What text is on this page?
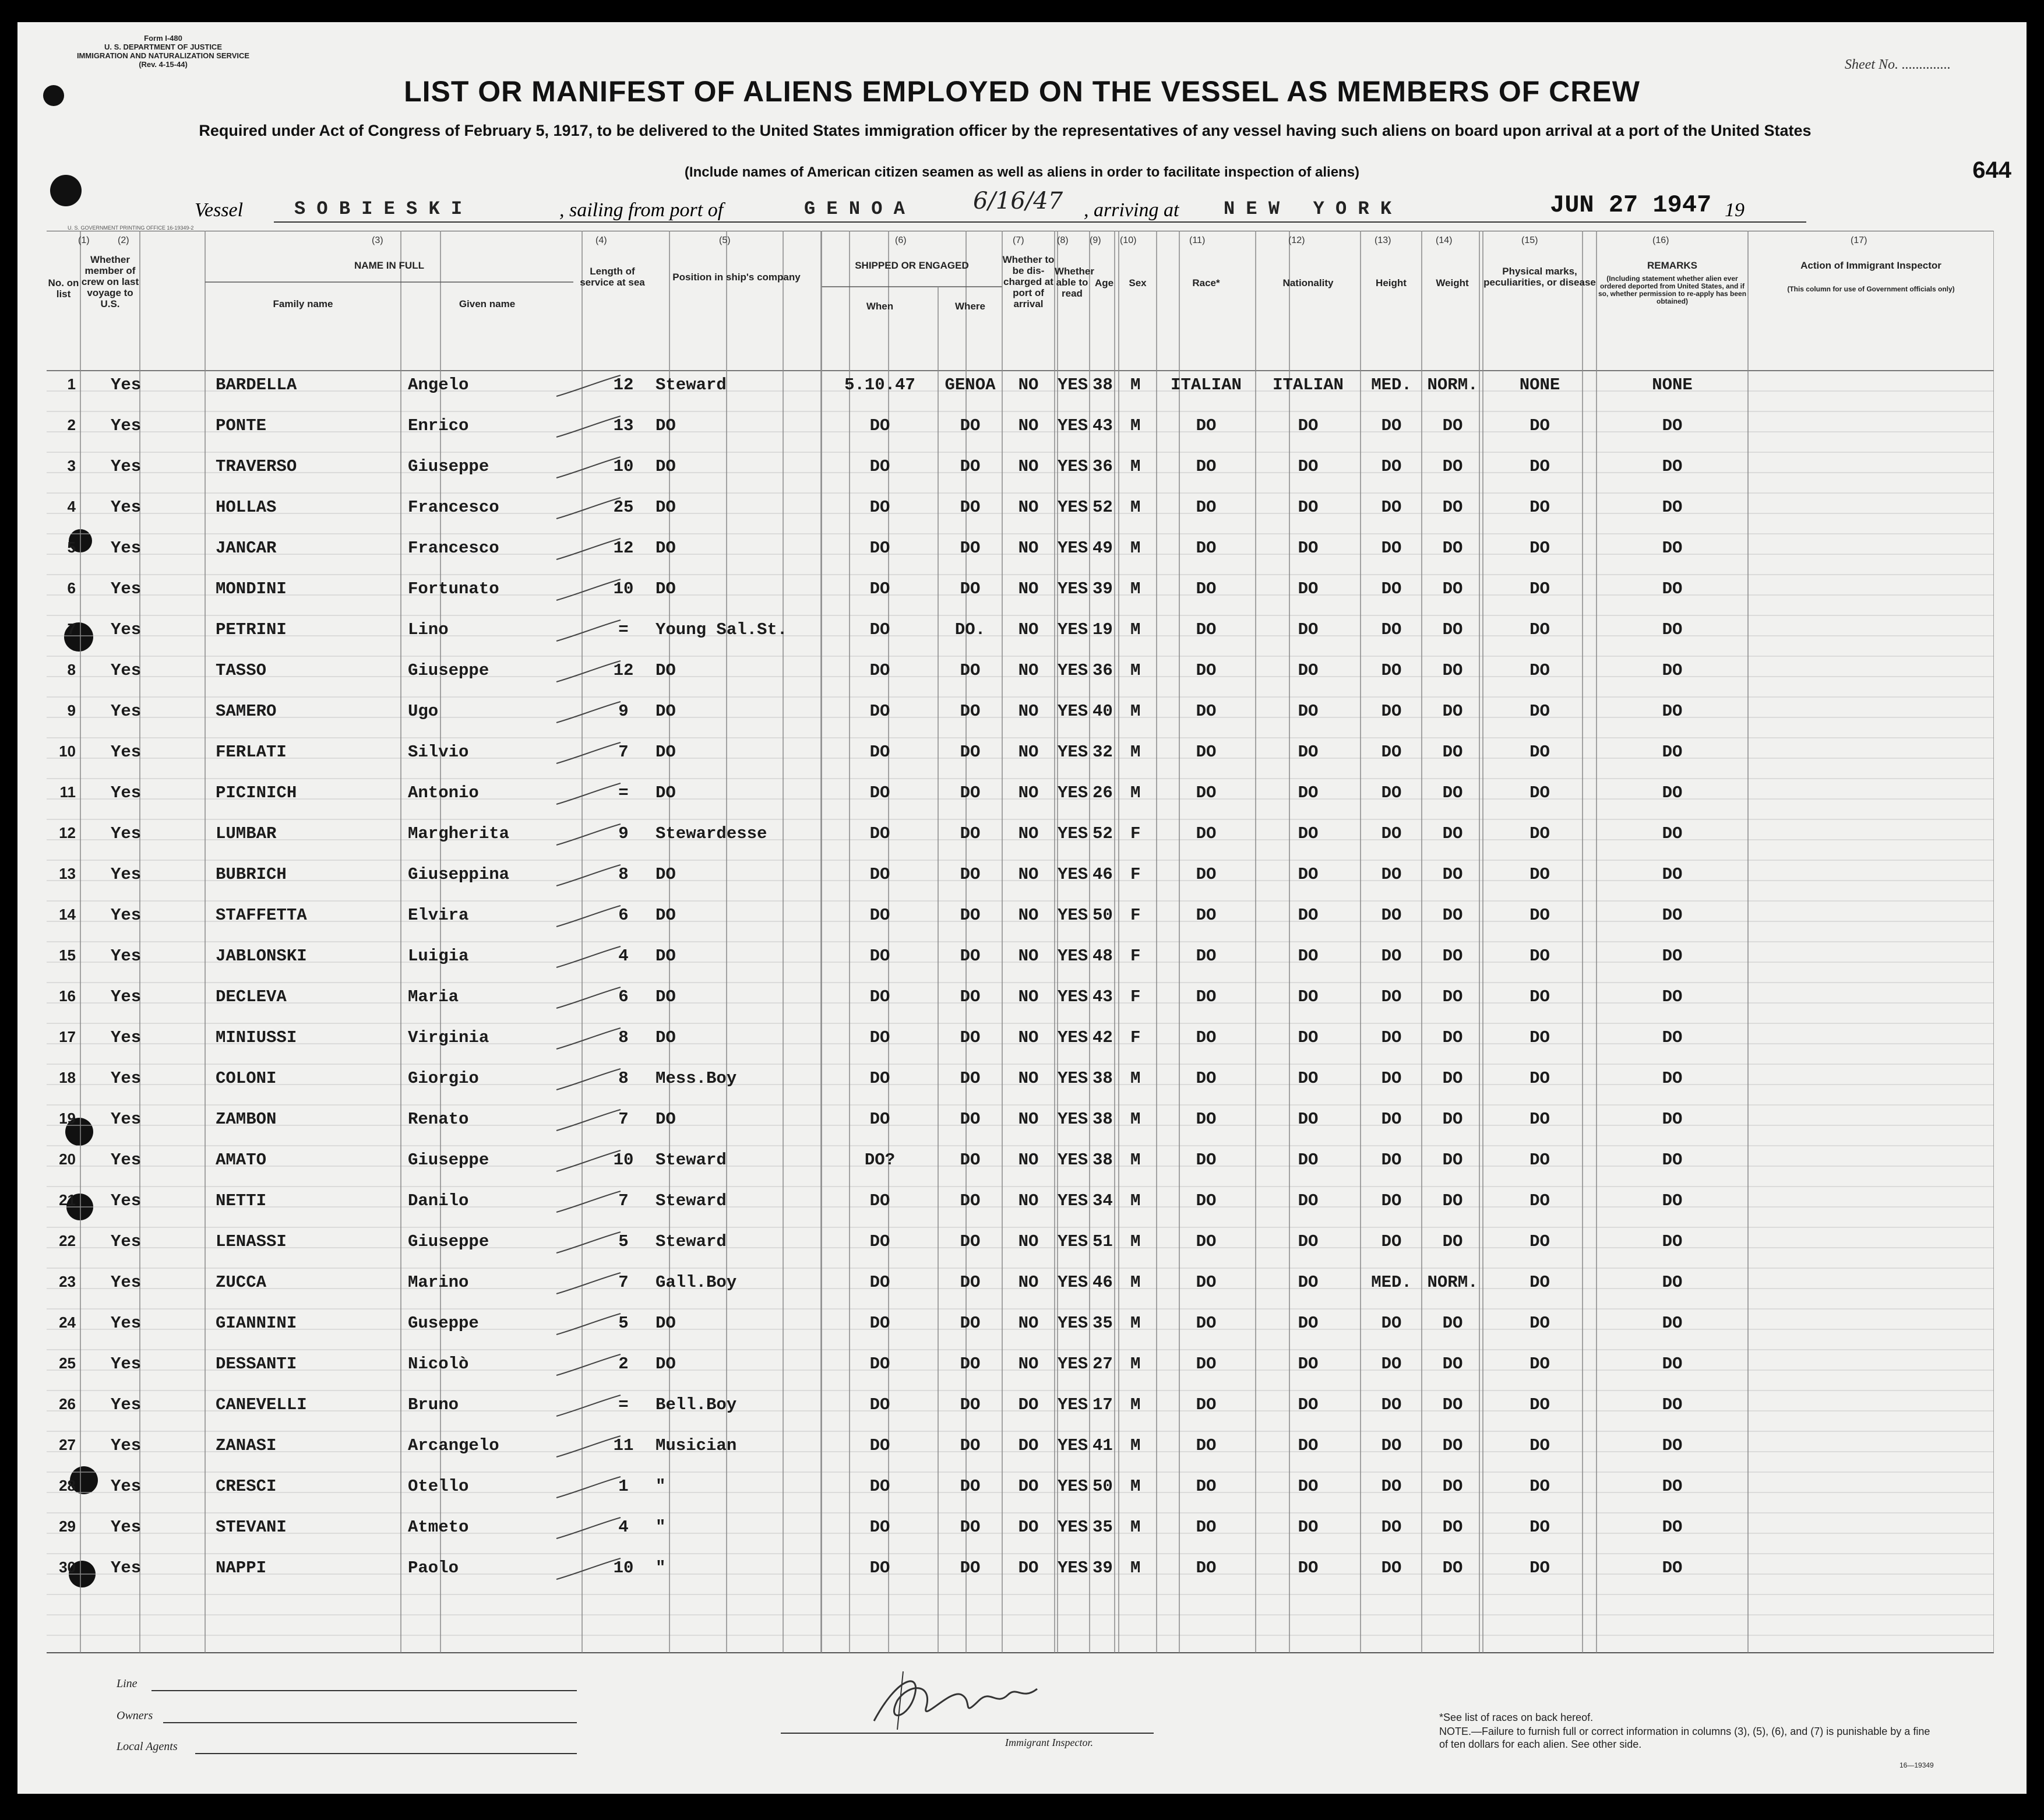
Form I-480
U. S. DEPARTMENT OF JUSTICE
IMMIGRATION AND NATURALIZATION SERVICE
(Rev. 4-15-44)	Sheet No. ..............
LIST OR MANIFEST OF ALIENS EMPLOYED ON THE VESSEL AS MEMBERS OF CREW
Required under Act of Congress of February 5, 1917, to be delivered to the United States immigration officer by the representatives of any vessel having such aliens on board upon arrival at a port of the United States
(Include names of American citizen seamen as well as aliens in order to facilitate inspection of aliens)	644
Vessel	S O B I E S K I	, sailing from port of	G E N O A	6/16/47 , arriving at N E W   Y O R K	JUN 27 1947 19
U. S. GOVERNMENT PRINTING OFFICE 16-19349-2
No. on list
Whether member of crew on last voyage to U.S.
NAME IN FULL
Family name	Given name
Length of service at sea	Position in ship's company
SHIPPED OR ENGAGED
When	Where
Whether to be dis-charged at port of arrival
Whether able to read
Age	Sex	Race*	Nationality	Height	Weight
Physical marks, peculiarities, or disease
REMARKS
(Including statement whether alien ever ordered deported from United States, and if so, whether permission to re-apply has been obtained)
Action of Immigrant Inspector
(This column for use of Government officials only)
(1)	(2)	(3)	(4)	(5)	(6)	(7)	(8) (9) (10)	(11)	(12)	(13)	(14)	(15)	(16)	(17)
1 Yes	BARDELLA	Angelo	12	Steward	5.10.47	GENOA	NO	YES 38 M	ITALIAN	ITALIAN	MED. NORM.	NONE	NONE
2 Yes	PONTE	Enrico	13	DO	DO	DO	NO	YES 43 M	DO	DO	DO	DO	DO	DO
3 Yes	TRAVERSO	Giuseppe	10	DO	DO	DO	NO	YES 36 M	DO	DO	DO	DO	DO	DO
4 Yes	HOLLAS	Francesco	25	DO	DO	DO	NO	YES 52 M	DO	DO	DO	DO	DO	DO
5 Yes	JANCAR	Francesco	12	DO	DO	DO	NO	YES 49 M	DO	DO	DO	DO	DO	DO
6 Yes	MONDINI	Fortunato	10	DO	DO	DO	NO	YES 39 M	DO	DO	DO	DO	DO	DO
7 Yes	PETRINI	Lino	=	Young Sal.St.	DO	DO.	NO	YES 19 M	DO	DO	DO	DO	DO	DO
8 Yes	TASSO	Giuseppe	12	DO	DO	DO	NO	YES 36 M	DO	DO	DO	DO	DO	DO
9 Yes	SAMERO	Ugo	9	DO	DO	DO	NO	YES 40 M	DO	DO	DO	DO	DO	DO
10 Yes	FERLATI	Silvio	7	DO	DO	DO	NO	YES 32 M	DO	DO	DO	DO	DO	DO
11 Yes	PICINICH	Antonio	=	DO	DO	DO	NO	YES 26 M	DO	DO	DO	DO	DO	DO
12 Yes	LUMBAR	Margherita	9	Stewardesse	DO	DO	NO	YES 52 F	DO	DO	DO	DO	DO	DO
13 Yes	BUBRICH	Giuseppina	8	DO	DO	DO	NO	YES 46 F	DO	DO	DO	DO	DO	DO
14 Yes	STAFFETTA	Elvira	6	DO	DO	DO	NO	YES 50 F	DO	DO	DO	DO	DO	DO
15 Yes	JABLONSKI	Luigia	4	DO	DO	DO	NO	YES 48 F	DO	DO	DO	DO	DO	DO
16 Yes	DECLEVA	Maria	6	DO	DO	DO	NO	YES 43 F	DO	DO	DO	DO	DO	DO
17 Yes	MINIUSSI	Virginia	8	DO	DO	DO	NO	YES 42 F	DO	DO	DO	DO	DO	DO
18 Yes	COLONI	Giorgio	8	Mess.Boy	DO	DO	NO	YES 38 M	DO	DO	DO	DO	DO	DO
19 Yes	ZAMBON	Renato	7	DO	DO	DO	NO	YES 38 M	DO	DO	DO	DO	DO	DO
20 Yes	AMATO	Giuseppe	10	Steward	DO?	DO	NO	YES 38 M	DO	DO	DO	DO	DO	DO
21 Yes	NETTI	Danilo	7	Steward	DO	DO	NO	YES 34 M	DO	DO	DO	DO	DO	DO
22 Yes	LENASSI	Giuseppe	5	Steward	DO	DO	NO	YES 51 M	DO	DO	DO	DO	DO	DO
23 Yes	ZUCCA	Marino	7	Gall.Boy	DO	DO	NO	YES 46 M	DO	DO	MED. NORM.	DO	DO
24 Yes	GIANNINI	Guseppe	5	DO	DO	DO	NO	YES 35 M	DO	DO	DO	DO	DO	DO
25 Yes	DESSANTI	Nicolò	2	DO	DO	DO	NO	YES 27 M	DO	DO	DO	DO	DO	DO
26 Yes	CANEVELLI	Bruno	=	Bell.Boy	DO	DO	DO	YES 17 M	DO	DO	DO	DO	DO	DO
27 Yes	ZANASI	Arcangelo	11	Musician	DO	DO	DO	YES 41 M	DO	DO	DO	DO	DO	DO
28 Yes	CRESCI	Otello	1	"	DO	DO	DO	YES 50 M	DO	DO	DO	DO	DO	DO
29 Yes	STEVANI	Atmeto	4	"	DO	DO	DO	YES 35 M	DO	DO	DO	DO	DO	DO
30 Yes	NAPPI	Paolo	10	"	DO	DO	DO	YES 39 M	DO	DO	DO	DO	DO	DO
Line
Owners
Local Agents	Immigrant Inspector.
*See list of races on back hereof.
NOTE.—Failure to furnish full or correct information in columns (3), (5), (6), and (7) is punishable by a fine of ten dollars for each alien. See other side.
16—19349
